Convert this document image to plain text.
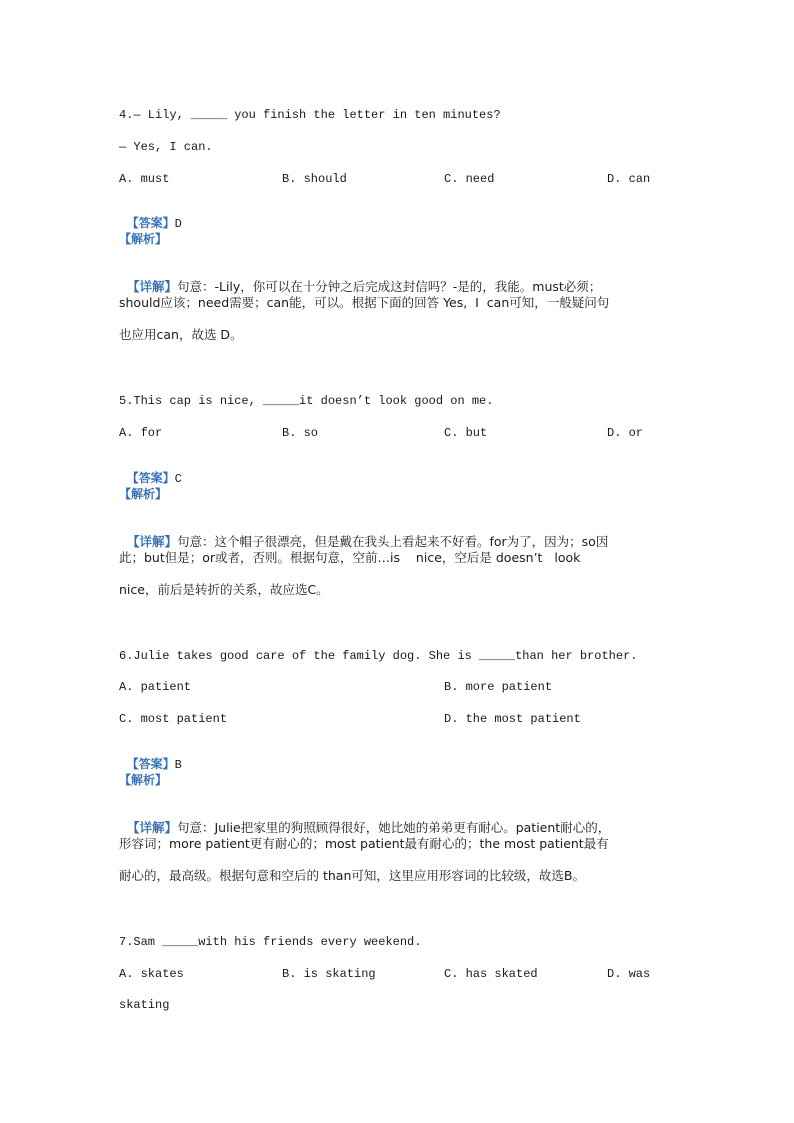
4.— Lily, _____ you finish the letter in ten minutes?
— Yes, I can.
A. must	B. should	C. need	D. can

【答案】D

【解析】

【详解】句意：-Lily，你可以在十分钟之后完成这封信吗？-是的，我能。must必须；

should应该；need需要；can能，可以。根据下面的回答 Yes,  I  can可知，一般疑问句
也应用can，故选 D。
5.This cap is nice, _____it doesn’t look good on me.
A. for	B. so	C. but	D. or

【答案】C

【解析】

【详解】句意：这个帽子很漂亮，但是戴在我头上看起来不好看。for为了，因为；so因

此；but但是；or或者，否则。根据句意，空前…is    nice，空后是 doesn’t   look
nice，前后是转折的关系，故应选C。
6.Julie takes good care of the family dog. She is _____than her brother.
A. patient	B. more patient
C. most patient	D. the most patient

【答案】B

【解析】

【详解】句意：Julie把家里的狗照顾得很好，她比她的弟弟更有耐心。patient耐心的，

形容词；more patient更有耐心的；most patient最有耐心的；the most patient最有
耐心的，最高级。根据句意和空后的 than可知，这里应用形容词的比较级，故选B。
7.Sam _____with his friends every weekend.
A. skates	B. is skating	C. has skated	D. was
skating
